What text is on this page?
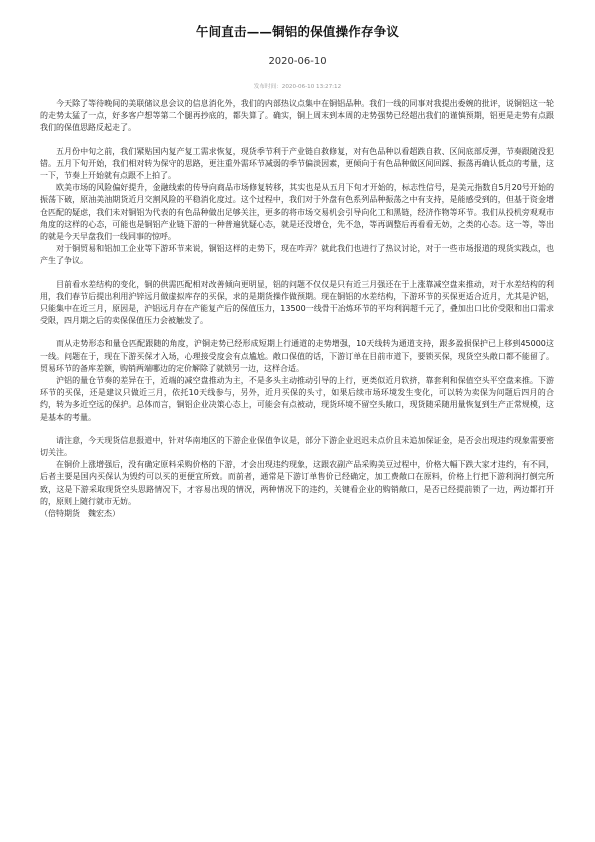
午间直击——铜铝的保值操作存争议
2020-06-10
发布时间：2020-06-10 13:27:12

今天除了等待晚间的美联储议息会议的信息消化外，我们的内部热议点集中在铜铝品种。我们一线的同事对我提出委婉的批评，说铜铝这一轮的走势太猛了一点，好多客户想等第二个腿再抄底的，都失算了。确实，铜上周末到本周的走势强势已经超出我们的谨慎预期，铝更是走势有点跟我们的保值思路反起走了。

五月份中旬之前，我们紧贴国内复产复工需求恢复，现货季节利于产业链自救修复，对有色品种以看超跌自救、区间底部反弹，节奏跟随没犯错。五月下旬开始，我们相对转为保守的思路，更注重外需环节减弱的季节偏淡因素，更倾向于有色品种做区间回踩、振荡再确认低点的考量，这一下，节奏上开始就有点跟不上拍了。

欧美市场的风险偏好提升，金融线索的传导向商品市场修复转移，其实也是从五月下旬才开始的，标志性信号，是美元指数自5月20号开始的振荡下破，原油美油期货近月交割风险的平稳消化度过。这个过程中，我们对于外盘有色系列品种振荡之中有支持，是能感受到的，但基于资金增仓匹配的疑虑，我们未对铜铝为代表的有色品种做出足够关注，更多的将市场交易机会引导向化工和黑链，经济作物等环节。我们从投机旁观观市角度的这样的心态，可能也是铜铝产业链下游的一种普遍犹疑心态，就是还没增仓，先不急，等再调整后再看看无妨，之类的心态。这一等，等出的就是今天早盘我们一线同事的惊呼。

对于铜贸易和铝加工企业等下游环节来说，铜铝这样的走势下，现在咋弄？就此我们也进行了热议讨论，对于一些市场报道的现货实践点，也产生了争议。

目前看水差结构的变化，铜的供需匹配相对改善倾向更明显，铝的问题不仅仅是只有近三月强还在于上涨靠减空盘来推动，对于水差结构的利用，我们春节后提出利用沪锌远月做虚拟库存的买保，求的是期货操作做预期。现在铜铝的水差结构，下游环节的买保更适合近月，尤其是沪铝，只能集中在近三月，原因是，沪铝远月存在产能复产后的保值压力，13500一线骨干冶炼环节的平均利润超千元了，叠加出口比价受限和出口需求受限，四月期之后的卖保保值压力会被触发了。

而从走势形态和量仓匹配跟随的角度，沪铜走势已经形成短期上行通道的走势增强，10天线转为通道支持，跟多盈损保护已上移到45000这一线。问题在于，现在下游买保才入场，心理接受度会有点尴尬。敞口保值的话，下游订单在目前市道下，要锁买保，现货空头敞口都不能留了。贸易环节的备库差额，购销两端哪边的定价解除了就锁另一边，这样合适。

沪铝的量仓节奏的差异在于，近端的减空盘推动为主，不是多头主动推动引导的上行，更类似近月软挤，靠套利和保值空头平空盘来推。下游环节的买保，还是建议只做近三月，依托10天线参与，另外，近月买保的头寸，如果后续市场环境发生变化，可以转为卖保为问题后四月的合约，转为多近空远的保护。总体而言，铜铝企业决策心态上，可能会有点被动，现货环境不留空头敞口，现货随采随用量恢复到生产正常规模，这是基本的考量。

请注意，今天现货信息报道中，针对华南地区的下游企业保值争议是，部分下游企业迟迟未点价且未追加保证金，是否会出现违约现象需要密切关注。

在铜价上涨增强后，没有确定原料采购价格的下游，才会出现违约现象，这跟农副产品采购美豆过程中，价格大幅下跌大家才违约，有不同，后者主要是国内买保认为毁约可以买的更便宜所致。而前者，通常是下游订单售价已经确定，加工费敞口在原料，价格上行把下游利润打倒完所致，这是下游采取现货空头思路情况下，才容易出现的情况，两种情况下的违约，关键看企业的购销敞口，是否已经提前锁了一边，两边都打开的，原则上随行就市无妨。

（倍特期货　魏宏杰）
